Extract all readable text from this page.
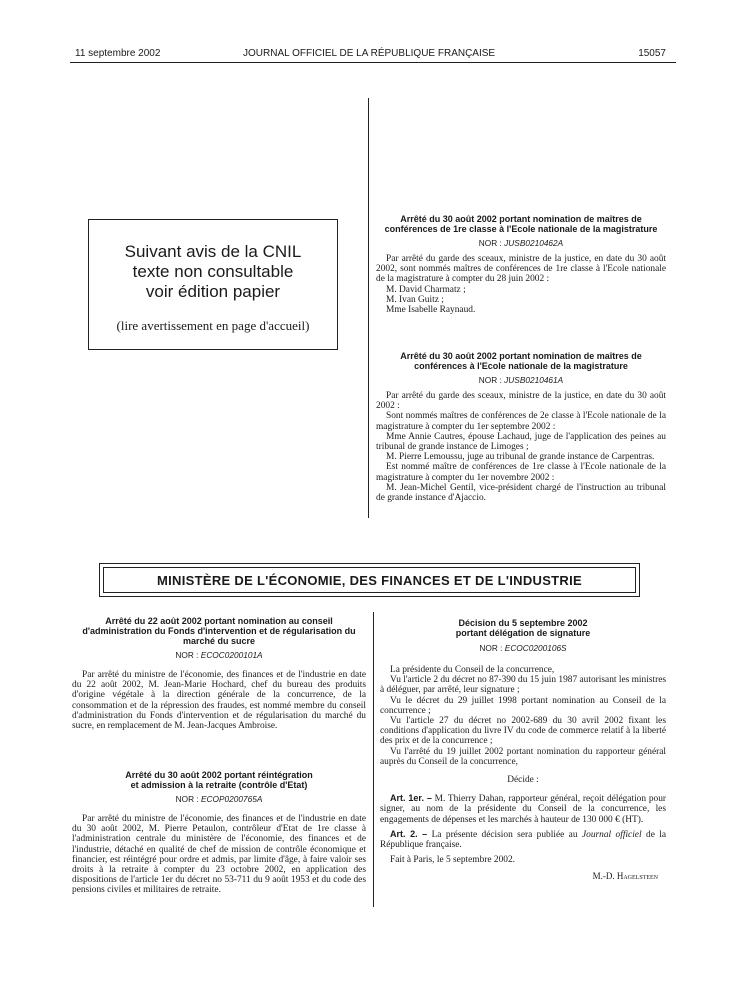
11 septembre 2002	JOURNAL OFFICIEL DE LA RÉPUBLIQUE FRANÇAISE	15057
Suivant avis de la CNIL
texte non consultable
voir édition papier
(lire avertissement en page d'accueil)
Arrêté du 30 août 2002 portant nomination de maîtres de conférences de 1re classe à l'Ecole nationale de la magistrature
NOR : JUSB0210462A

Par arrêté du garde des sceaux, ministre de la justice, en date du 30 août 2002, sont nommés maîtres de conférences de 1re classe à l'Ecole nationale de la magistrature à compter du 28 juin 2002 :

M. David Charmatz ;

M. Ivan Guitz ;

Mme Isabelle Raynaud.

Arrêté du 30 août 2002 portant nomination de maîtres de conférences à l'Ecole nationale de la magistrature
NOR : JUSB0210461A

Par arrêté du garde des sceaux, ministre de la justice, en date du 30 août 2002 :

Sont nommés maîtres de conférences de 2e classe à l'Ecole nationale de la magistrature à compter du 1er septembre 2002 :

Mme Annie Cautres, épouse Lachaud, juge de l'application des peines au tribunal de grande instance de Limoges ;

M. Pierre Lemoussu, juge au tribunal de grande instance de Carpentras.

Est nommé maître de conférences de 1re classe à l'Ecole nationale de la magistrature à compter du 1er novembre 2002 :

M. Jean-Michel Gentil, vice-président chargé de l'instruction au tribunal de grande instance d'Ajaccio.

MINISTÈRE DE L'ÉCONOMIE, DES FINANCES ET DE L'INDUSTRIE
Arrêté du 22 août 2002 portant nomination au conseil d'administration du Fonds d'intervention et de régularisation du marché du sucre
NOR : ECOC0200101A

Par arrêté du ministre de l'économie, des finances et de l'industrie en date du 22 août 2002, M. Jean-Marie Hochard, chef du bureau des produits d'origine végétale à la direction générale de la concurrence, de la consommation et de la répression des fraudes, est nommé membre du conseil d'administration du Fonds d'intervention et de régularisation du marché du sucre, en remplacement de M. Jean-Jacques Ambroise.

Arrêté du 30 août 2002 portant réintégration
et admission à la retraite (contrôle d'Etat)
NOR : ECOP0200765A

Par arrêté du ministre de l'économie, des finances et de l'industrie en date du 30 août 2002, M. Pierre Petaulon, contrôleur d'Etat de 1re classe à l'administration centrale du ministère de l'économie, des finances et de l'industrie, détaché en qualité de chef de mission de contrôle économique et financier, est réintégré pour ordre et admis, par limite d'âge, à faire valoir ses droits à la retraite à compter du 23 octobre 2002, en application des dispositions de l'article 1er du décret no 53-711 du 9 août 1953 et du code des pensions civiles et militaires de retraite.

Décision du 5 septembre 2002
portant délégation de signature
NOR : ECOC0200106S

La présidente du Conseil de la concurrence,

Vu l'article 2 du décret no 87-390 du 15 juin 1987 autorisant les ministres à déléguer, par arrêté, leur signature ;

Vu le décret du 29 juillet 1998 portant nomination au Conseil de la concurrence ;

Vu l'article 27 du décret no 2002-689 du 30 avril 2002 fixant les conditions d'application du livre IV du code de commerce relatif à la liberté des prix et de la concurrence ;

Vu l'arrêté du 19 juillet 2002 portant nomination du rapporteur général auprès du Conseil de la concurrence,

Décide :

Art. 1er. – M. Thierry Dahan, rapporteur général, reçoit délégation pour signer, au nom de la présidente du Conseil de la concurrence, les engagements de dépenses et les marchés à hauteur de 130 000 € (HT).

Art. 2. – La présente décision sera publiée au Journal officiel de la République française.

Fait à Paris, le 5 septembre 2002.

M.-D. Hagelsteen
